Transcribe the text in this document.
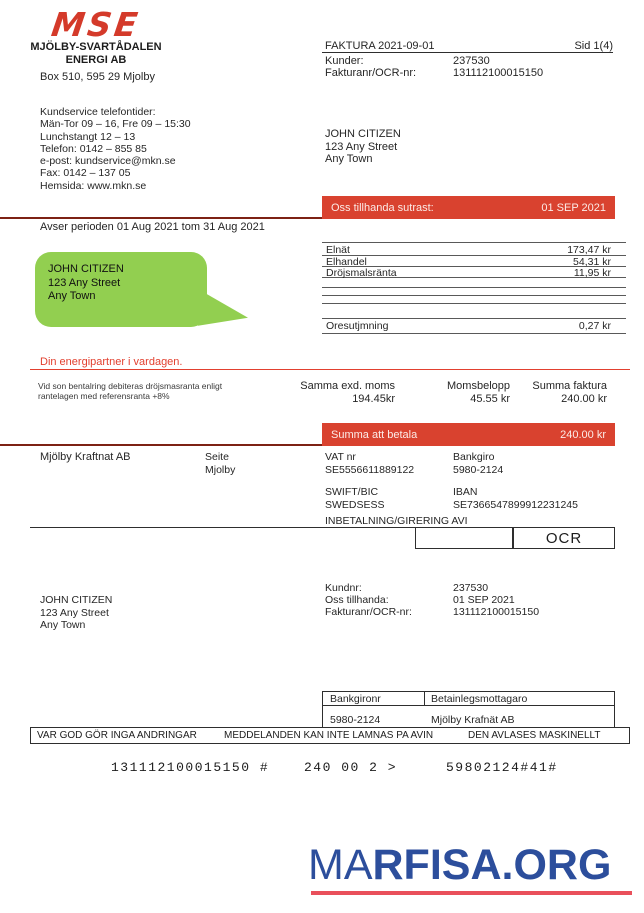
MSE
MJÖLBY-SVARTÅDALEN
ENERGI AB
Box 510, 595 29 Mjolby
Kundservice telefontider:
Män-Tor 09 – 16, Fre 09 – 15:30
Lunchstangt 12 – 13
Telefon: 0142 – 855 85
e-post: kundservice@mkn.se
Fax: 0142 – 137 05
Hemsida: www.mkn.se
FAKTURA 2021-09-01	Sid 1(4)
Kunder:	237530
Fakturanr/OCR-nr:	131112100015150
JOHN CITIZEN
123 Any Street
Any Town
Oss tillhanda sutrast:	01 SEP 2021
Avser perioden 01 Aug 2021 tom 31 Aug 2021
Elnät	173,47 kr
Elhandel	54,31 kr
Dröjsmalsränta	11,95 kr
Oresutjmning	0,27 kr
JOHN CITIZEN
123 Any Street
Any Town
Din energipartner i vardagen.
Vid son bentalring debiteras dröjsmasranta enligt
rantelagen med referensranta +8%
Samma exd. moms
194.45kr
Momsbelopp
45.55 kr
Summa faktura
240.00 kr
Summa att betala	240.00 kr
Mjölby Kraftnat AB	Seite
Mjolby
VAT nr
SE5556611889122
Bankgiro
5980-2124
SWIFT/BIC
SWEDSESS
IBAN
SE7366547899912231245
INBETALNING/GIRERING AVI
OCR
JOHN CITIZEN
123 Any Street
Any Town
Kundnr:	237530
Oss tillhanda:	01 SEP 2021
Fakturanr/OCR-nr:	131112100015150
Bankgironr	Betainlegsmottagaro
5980-2124	Mjölby Krafnät AB
VAR GOD GÖR INGA ANDRINGAR	MEDDELANDEN KAN INTE LAMNAS PA AVIN	DEN AVLASES MASKINELLT
131112100015150 #	240 00 2 >	59802124#41#
MARFISA.ORG
